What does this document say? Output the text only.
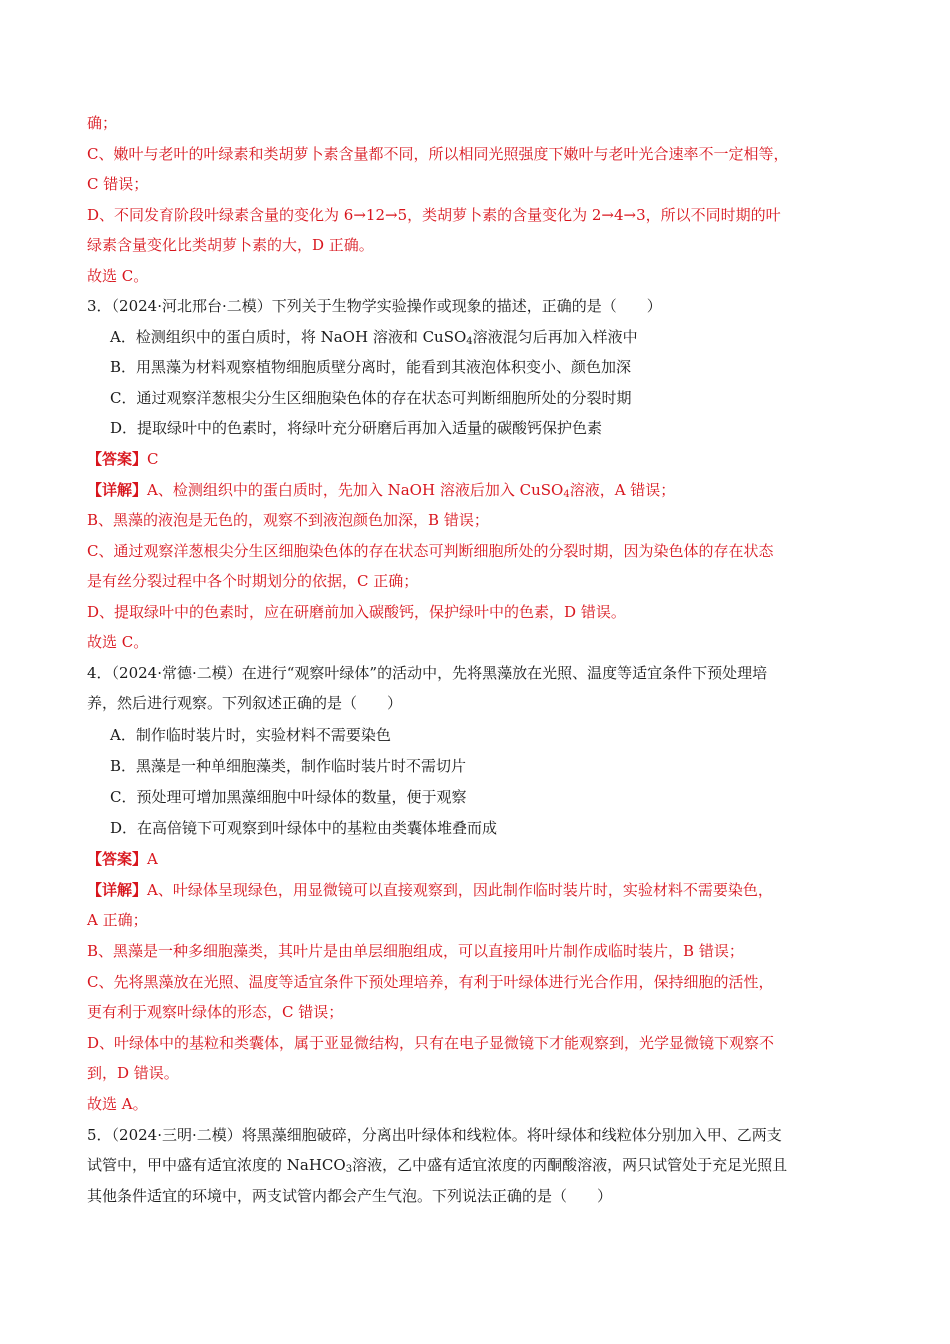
确；
C、嫩叶与老叶的叶绿素和类胡萝卜素含量都不同，所以相同光照强度下嫩叶与老叶光合速率不一定相等，
C 错误；
D、不同发育阶段叶绿素含量的变化为 6→12→5，类胡萝卜素的含量变化为 2→4→3，所以不同时期的叶
绿素含量变化比类胡萝卜素的大，D 正确。
故选 C。
3．（2024·河北邢台·二模）下列关于生物学实验操作或现象的描述，正确的是（　　）
A．检测组织中的蛋白质时，将 NaOH 溶液和 CuSO$_4$溶液混匀后再加入样液中
B．用黑藻为材料观察植物细胞质壁分离时，能看到其液泡体积变小、颜色加深
C．通过观察洋葱根尖分生区细胞染色体的存在状态可判断细胞所处的分裂时期
D．提取绿叶中的色素时，将绿叶充分研磨后再加入适量的碳酸钙保护色素
【答案】C
【详解】A、检测组织中的蛋白质时，先加入 NaOH 溶液后加入 CuSO$_4$溶液，A 错误；
B、黑藻的液泡是无色的，观察不到液泡颜色加深，B 错误；
C、通过观察洋葱根尖分生区细胞染色体的存在状态可判断细胞所处的分裂时期，因为染色体的存在状态
是有丝分裂过程中各个时期划分的依据，C 正确；
D、提取绿叶中的色素时，应在研磨前加入碳酸钙，保护绿叶中的色素，D 错误。
故选 C。
4．（2024·常德·二模）在进行“观察叶绿体”的活动中，先将黑藻放在光照、温度等适宜条件下预处理培
养，然后进行观察。下列叙述正确的是（　　）
A．制作临时装片时，实验材料不需要染色
B．黑藻是一种单细胞藻类，制作临时装片时不需切片
C．预处理可增加黑藻细胞中叶绿体的数量，便于观察
D．在高倍镜下可观察到叶绿体中的基粒由类囊体堆叠而成
【答案】A
【详解】A、叶绿体呈现绿色，用显微镜可以直接观察到，因此制作临时装片时，实验材料不需要染色，
A 正确；
B、黑藻是一种多细胞藻类，其叶片是由单层细胞组成，可以直接用叶片制作成临时装片，B 错误；
C、先将黑藻放在光照、温度等适宜条件下预处理培养，有利于叶绿体进行光合作用，保持细胞的活性，
更有利于观察叶绿体的形态，C 错误；
D、叶绿体中的基粒和类囊体，属于亚显微结构，只有在电子显微镜下才能观察到，光学显微镜下观察不
到，D 错误。
故选 A。
5．（2024·三明·二模）将黑藻细胞破碎，分离出叶绿体和线粒体。将叶绿体和线粒体分别加入甲、乙两支
试管中，甲中盛有适宜浓度的 NaHCO$_3$溶液，乙中盛有适宜浓度的丙酮酸溶液，两只试管处于充足光照且
其他条件适宜的环境中，两支试管内都会产生气泡。下列说法正确的是（　　）
